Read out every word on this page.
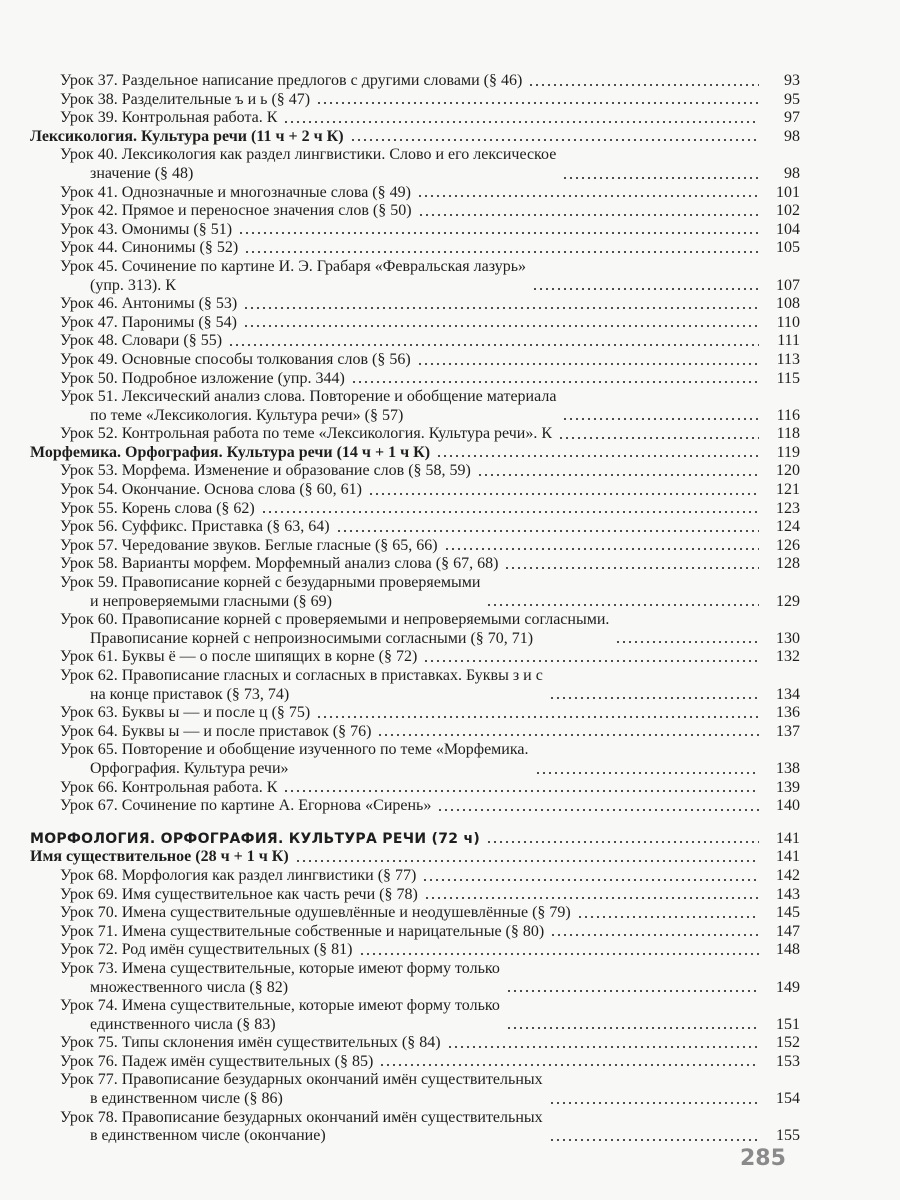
Урок 37. Раздельное написание предлогов с другими словами (§ 46)	93
Урок 38. Разделительные ъ и ь (§ 47)	95
Урок 39. Контрольная работа. К	97
Лексикология. Культура речи (11 ч + 2 ч К)	98
Урок 40. Лексикология как раздел лингвистики. Слово и его лексическое
значение (§ 48)	98
Урок 41. Однозначные и многозначные слова (§ 49)	101
Урок 42. Прямое и переносное значения слов (§ 50)	102
Урок 43. Омонимы (§ 51)	104
Урок 44. Синонимы (§ 52)	105
Урок 45. Сочинение по картине И. Э. Грабаря «Февральская лазурь»
(упр. 313). К	107
Урок 46. Антонимы (§ 53)	108
Урок 47. Паронимы (§ 54)	110
Урок 48. Словари (§ 55)	111
Урок 49. Основные способы толкования слов (§ 56)	113
Урок 50. Подробное изложение (упр. 344)	115
Урок 51. Лексический анализ слова. Повторение и обобщение материала
по теме «Лексикология. Культура речи» (§ 57)	116
Урок 52. Контрольная работа по теме «Лексикология. Культура речи». К	118
Морфемика. Орфография. Культура речи (14 ч + 1 ч К)	119
Урок 53. Морфема. Изменение и образование слов (§ 58, 59)	120
Урок 54. Окончание. Основа слова (§ 60, 61)	121
Урок 55. Корень слова (§ 62)	123
Урок 56. Суффикс. Приставка (§ 63, 64)	124
Урок 57. Чередование звуков. Беглые гласные (§ 65, 66)	126
Урок 58. Варианты морфем. Морфемный анализ слова (§ 67, 68)	128
Урок 59. Правописание корней с безударными проверяемыми
и непроверяемыми гласными (§ 69)	129
Урок 60. Правописание корней с проверяемыми и непроверяемыми согласными.
Правописание корней с непроизносимыми согласными (§ 70, 71)	130
Урок 61. Буквы ё — о после шипящих в корне (§ 72)	132
Урок 62. Правописание гласных и согласных в приставках. Буквы з и с
на конце приставок (§ 73, 74)	134
Урок 63. Буквы ы — и после ц (§ 75)	136
Урок 64. Буквы ы — и после приставок (§ 76)	137
Урок 65. Повторение и обобщение изученного по теме «Морфемика.
Орфография. Культура речи»	138
Урок 66. Контрольная работа. К	139
Урок 67. Сочинение по картине А. Егорнова «Сирень»	140
МОРФОЛОГИЯ. ОРФОГРАФИЯ. КУЛЬТУРА РЕЧИ (72 ч)	141
Имя существительное (28 ч + 1 ч К)	141
Урок 68. Морфология как раздел лингвистики (§ 77)	142
Урок 69. Имя существительное как часть речи (§ 78)	143
Урок 70. Имена существительные одушевлённые и неодушевлённые (§ 79)	145
Урок 71. Имена существительные собственные и нарицательные (§ 80)	147
Урок 72. Род имён существительных (§ 81)	148
Урок 73. Имена существительные, которые имеют форму только
множественного числа (§ 82)	149
Урок 74. Имена существительные, которые имеют форму только
единственного числа (§ 83)	151
Урок 75. Типы склонения имён существительных (§ 84)	152
Урок 76. Падеж имён существительных (§ 85)	153
Урок 77. Правописание безударных окончаний имён существительных
в единственном числе (§ 86)	154
Урок 78. Правописание безударных окончаний имён существительных
в единственном числе (окончание)	155
285
